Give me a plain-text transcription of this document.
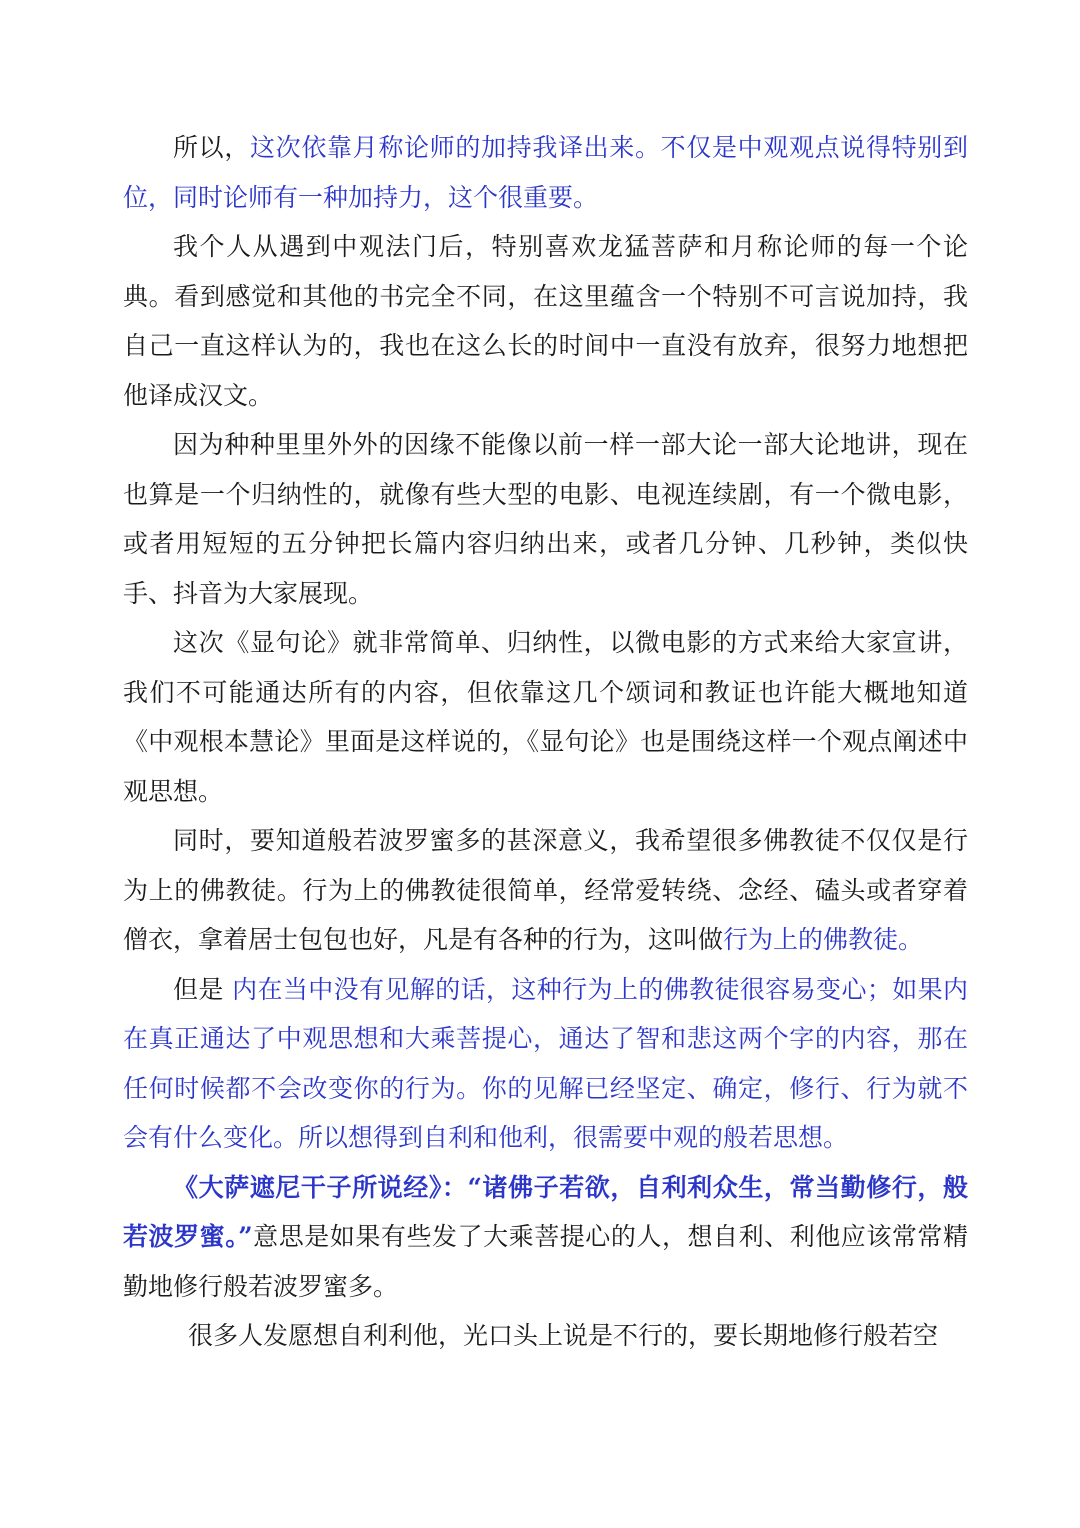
所以，这次依靠月称论师的加持我译出来。不仅是中观观点说得特别到位，同时论师有一种加持力，这个很重要。

我个人从遇到中观法门后，特别喜欢龙猛菩萨和月称论师的每一个论典。看到感觉和其他的书完全不同，在这里蕴含一个特别不可言说加持，我自己一直这样认为的，我也在这么长的时间中一直没有放弃，很努力地想把他译成汉文。

因为种种里里外外的因缘不能像以前一样一部大论一部大论地讲，现在也算是一个归纳性的，就像有些大型的电影、电视连续剧，有一个微电影，或者用短短的五分钟把长篇内容归纳出来，或者几分钟、几秒钟，类似快手、抖音为大家展现。

这次《显句论》就非常简单、归纳性，以微电影的方式来给大家宣讲，我们不可能通达所有的内容，但依靠这几个颂词和教证也许能大概地知道《中观根本慧论》里面是这样说的，《显句论》也是围绕这样一个观点阐述中观思想。

同时，要知道般若波罗蜜多的甚深意义，我希望很多佛教徒不仅仅是行为上的佛教徒。行为上的佛教徒很简单，经常爱转绕、念经、磕头或者穿着僧衣，拿着居士包包也好，凡是有各种的行为，这叫做行为上的佛教徒。

但是 内在当中没有见解的话，这种行为上的佛教徒很容易变心；如果内在真正通达了中观思想和大乘菩提心，通达了智和悲这两个字的内容，那在任何时候都不会改变你的行为。你的见解已经坚定、确定，修行、行为就不会有什么变化。所以想得到自利和他利，很需要中观的般若思想。

《大萨遮尼干子所说经》：“诸佛子若欲，自利利众生，常当勤修行，般若波罗蜜。”意思是如果有些发了大乘菩提心的人，想自利、利他应该常常精勤地修行般若波罗蜜多。

很多人发愿想自利利他，光口头上说是不行的，要长期地修行般若空
